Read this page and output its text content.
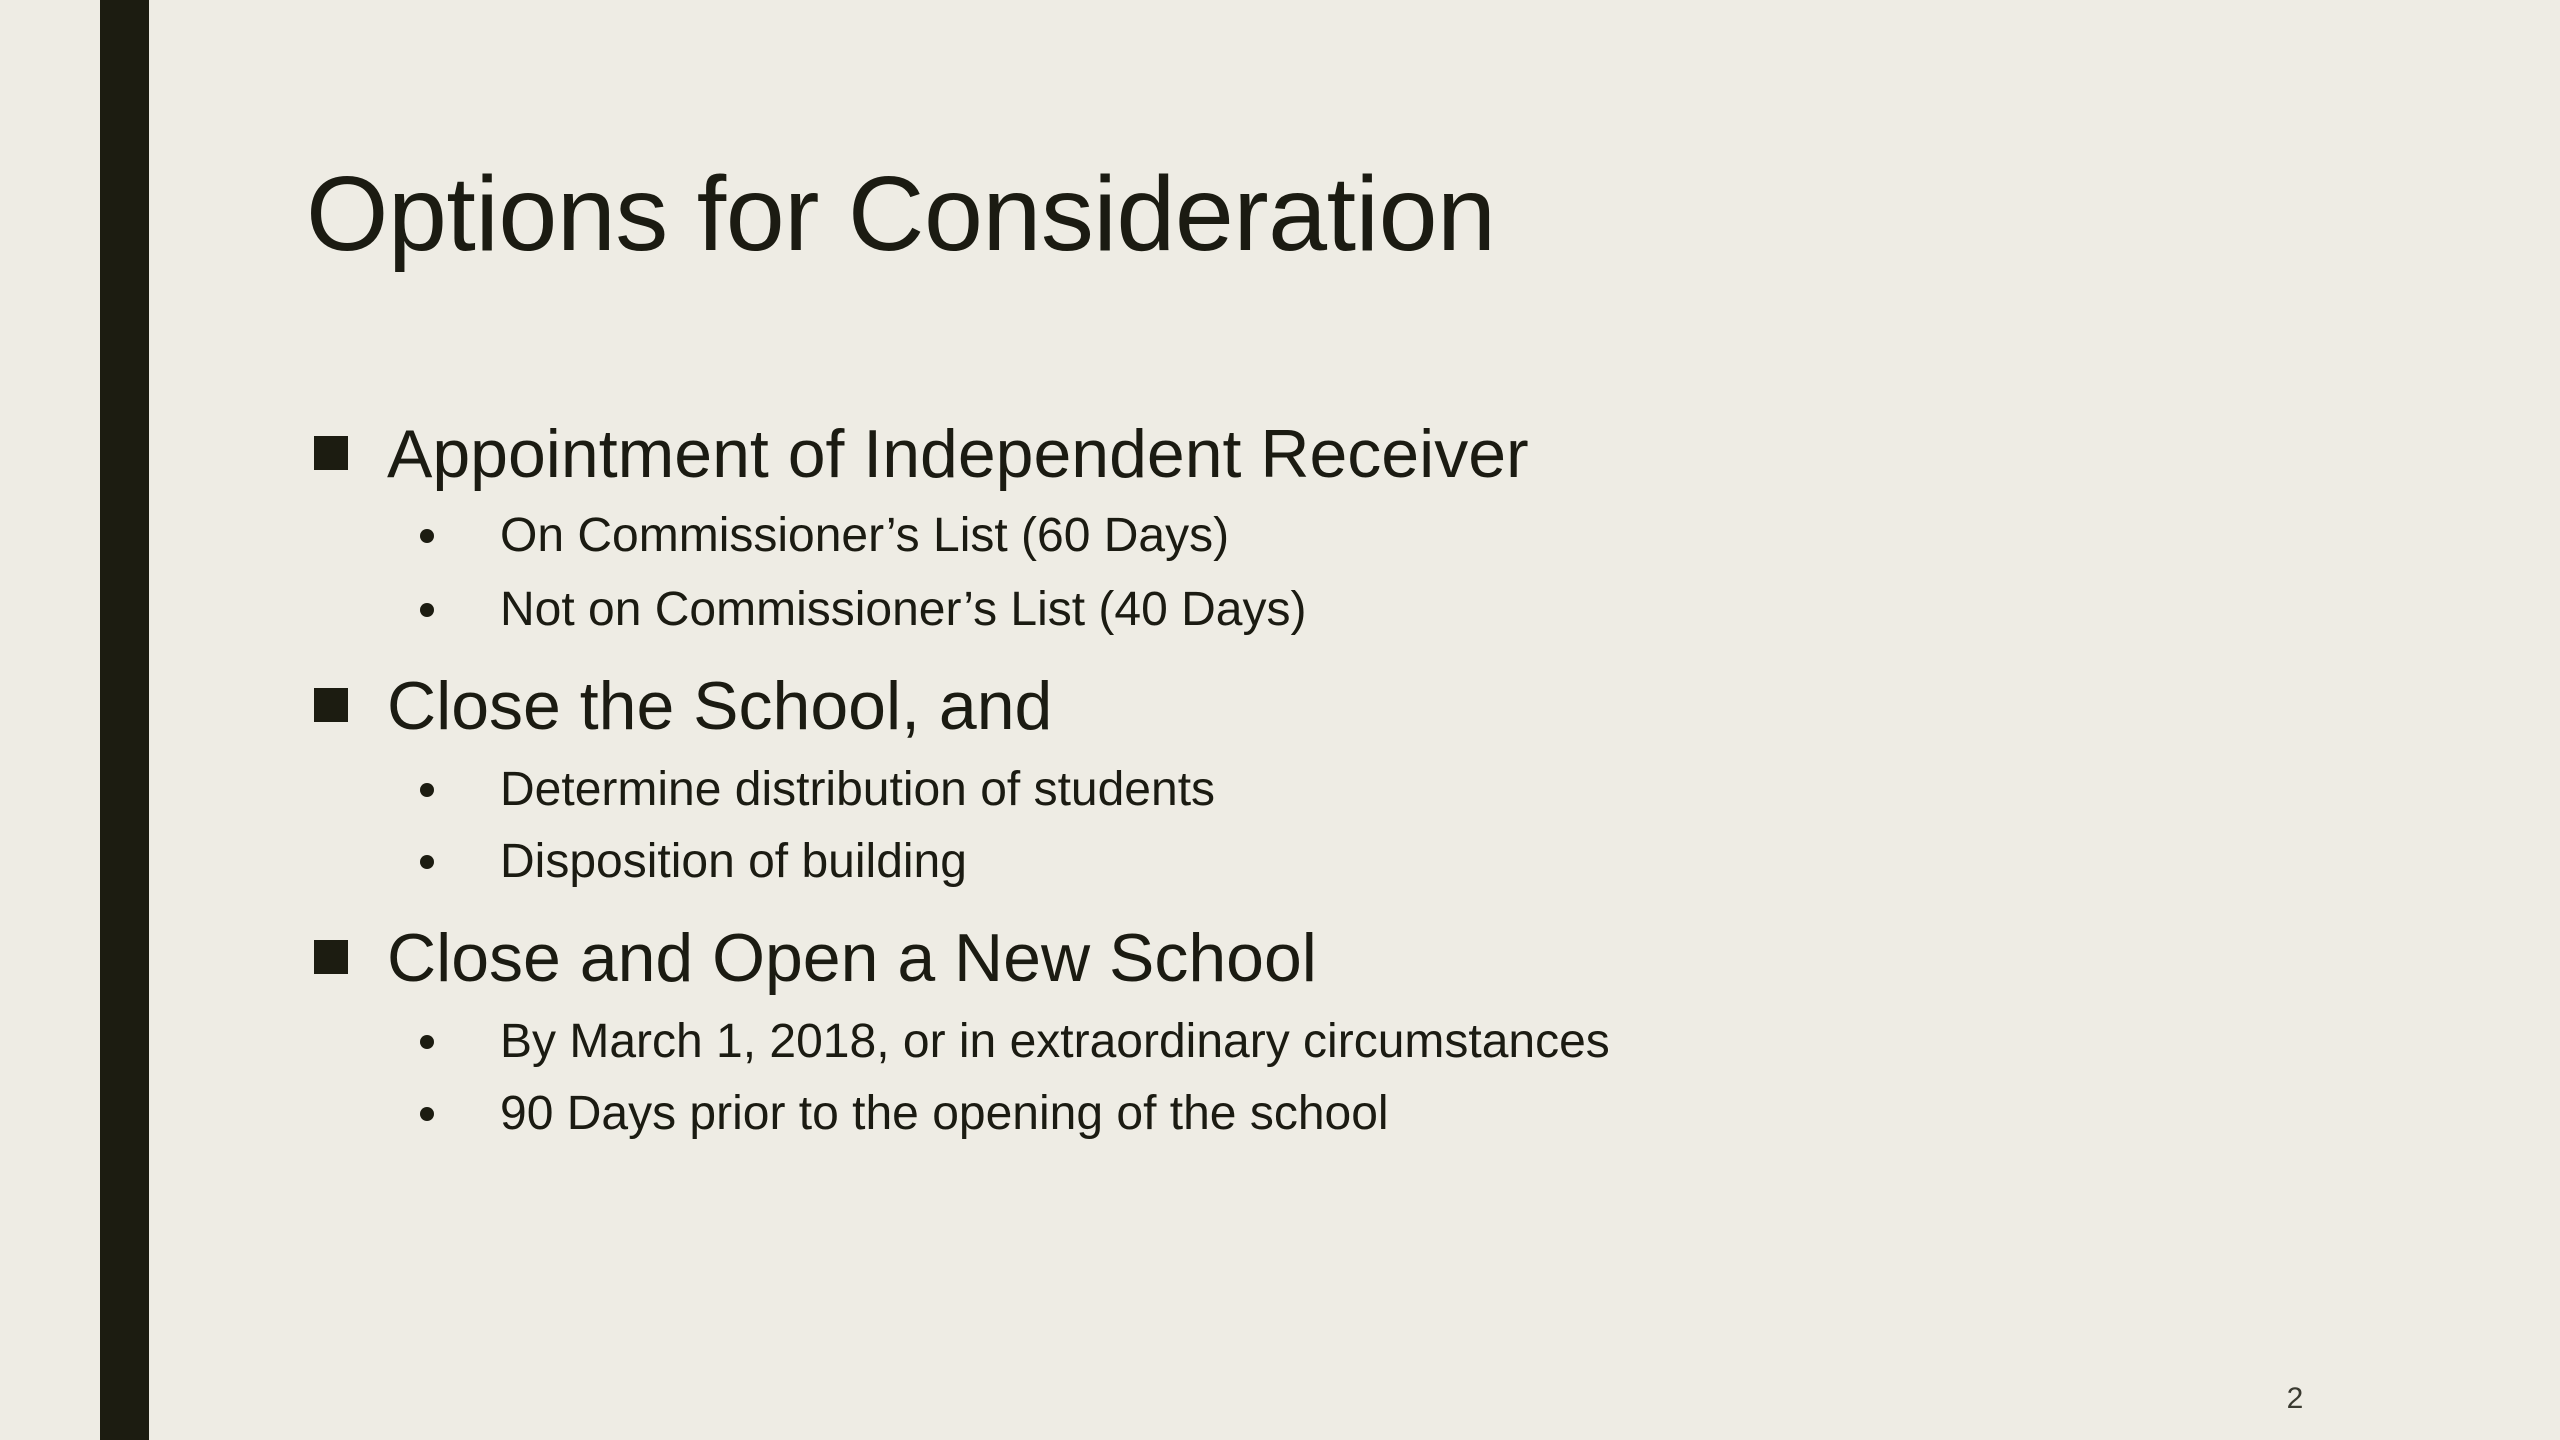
Options for Consideration
Appointment of Independent Receiver
On Commissioner’s List (60 Days)
Not on Commissioner’s List (40 Days)
Close the School, and
Determine distribution of students
Disposition of building
Close and Open a New School
By March 1, 2018, or in extraordinary circumstances
90 Days prior to the opening of the school
2
